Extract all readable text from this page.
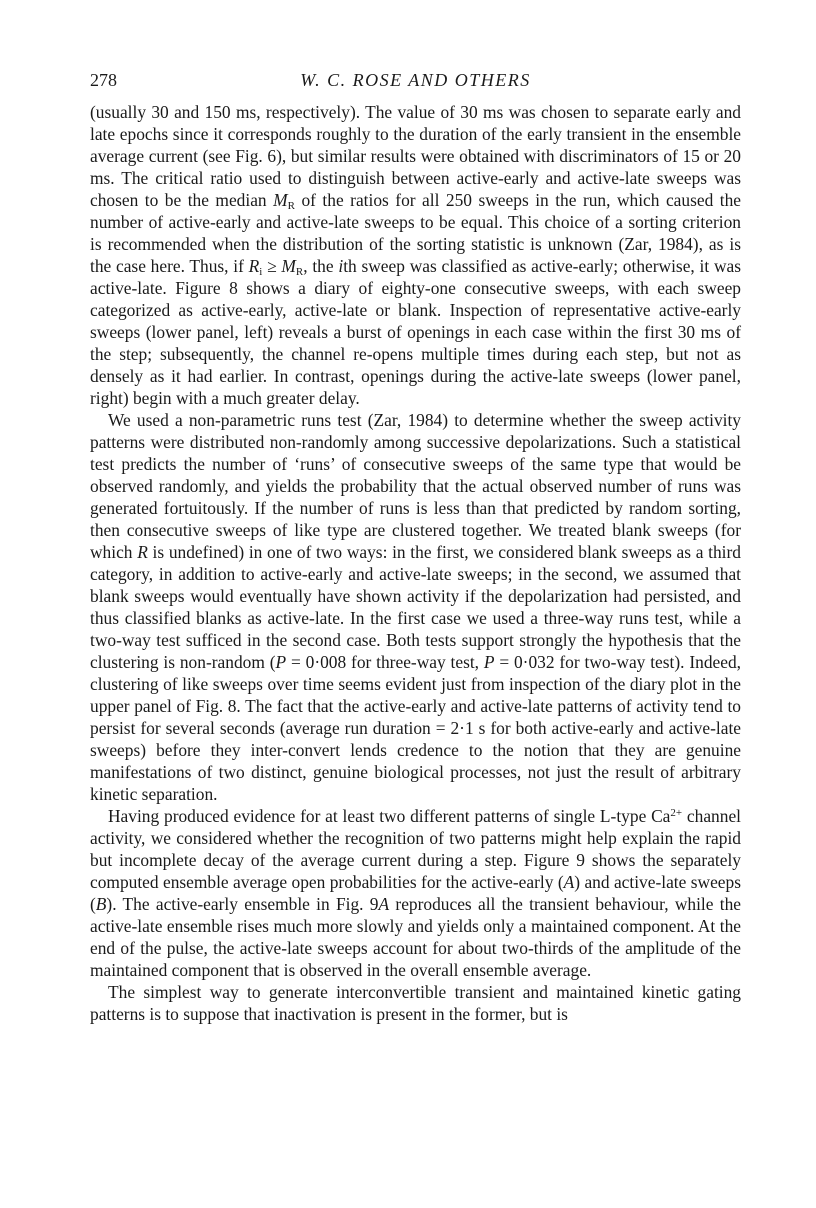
278	W. C. ROSE AND OTHERS

(usually 30 and 150 ms, respectively). The value of 30 ms was chosen to separate early and late epochs since it corresponds roughly to the duration of the early transient in the ensemble average current (see Fig. 6), but similar results were obtained with discriminators of 15 or 20 ms. The critical ratio used to distinguish between active-early and active-late sweeps was chosen to be the median $M_R$ of the ratios for all 250 sweeps in the run, which caused the number of active-early and active-late sweeps to be equal. This choice of a sorting criterion is recommended when the distribution of the sorting statistic is unknown (Zar, 1984), as is the case here. Thus, if $R_i \ge M_R$, the ith sweep was classified as active-early; otherwise, it was active-late. Figure 8 shows a diary of eighty-one consecutive sweeps, with each sweep categorized as active-early, active-late or blank. Inspection of representative active-early sweeps (lower panel, left) reveals a burst of openings in each case within the first 30 ms of the step; subsequently, the channel re-opens multiple times during each step, but not as densely as it had earlier. In contrast, openings during the active-late sweeps (lower panel, right) begin with a much greater delay.

We used a non-parametric runs test (Zar, 1984) to determine whether the sweep activity patterns were distributed non-randomly among successive depolarizations. Such a statistical test predicts the number of ‘runs’ of consecutive sweeps of the same type that would be observed randomly, and yields the probability that the actual observed number of runs was generated fortuitously. If the number of runs is less than that predicted by random sorting, then consecutive sweeps of like type are clustered together. We treated blank sweeps (for which R is undefined) in one of two ways: in the first, we considered blank sweeps as a third category, in addition to active-early and active-late sweeps; in the second, we assumed that blank sweeps would eventually have shown activity if the depolarization had persisted, and thus classified blanks as active-late. In the first case we used a three-way runs test, while a two-way test sufficed in the second case. Both tests support strongly the hypothesis that the clustering is non-random (P = 0·008 for three-way test, P = 0·032 for two-way test). Indeed, clustering of like sweeps over time seems evident just from inspection of the diary plot in the upper panel of Fig. 8. The fact that the active-early and active-late patterns of activity tend to persist for several seconds (average run duration = 2·1 s for both active-early and active-late sweeps) before they inter-convert lends credence to the notion that they are genuine manifestations of two distinct, genuine biological processes, not just the result of arbitrary kinetic separation.

Having produced evidence for at least two different patterns of single L-type $Ca^{2+}$ channel activity, we considered whether the recognition of two patterns might help explain the rapid but incomplete decay of the average current during a step. Figure 9 shows the separately computed ensemble average open probabilities for the active-early (A) and active-late sweeps (B). The active-early ensemble in Fig. 9A reproduces all the transient behaviour, while the active-late ensemble rises much more slowly and yields only a maintained component. At the end of the pulse, the active-late sweeps account for about two-thirds of the amplitude of the maintained component that is observed in the overall ensemble average.

The simplest way to generate interconvertible transient and maintained kinetic gating patterns is to suppose that inactivation is present in the former, but is
